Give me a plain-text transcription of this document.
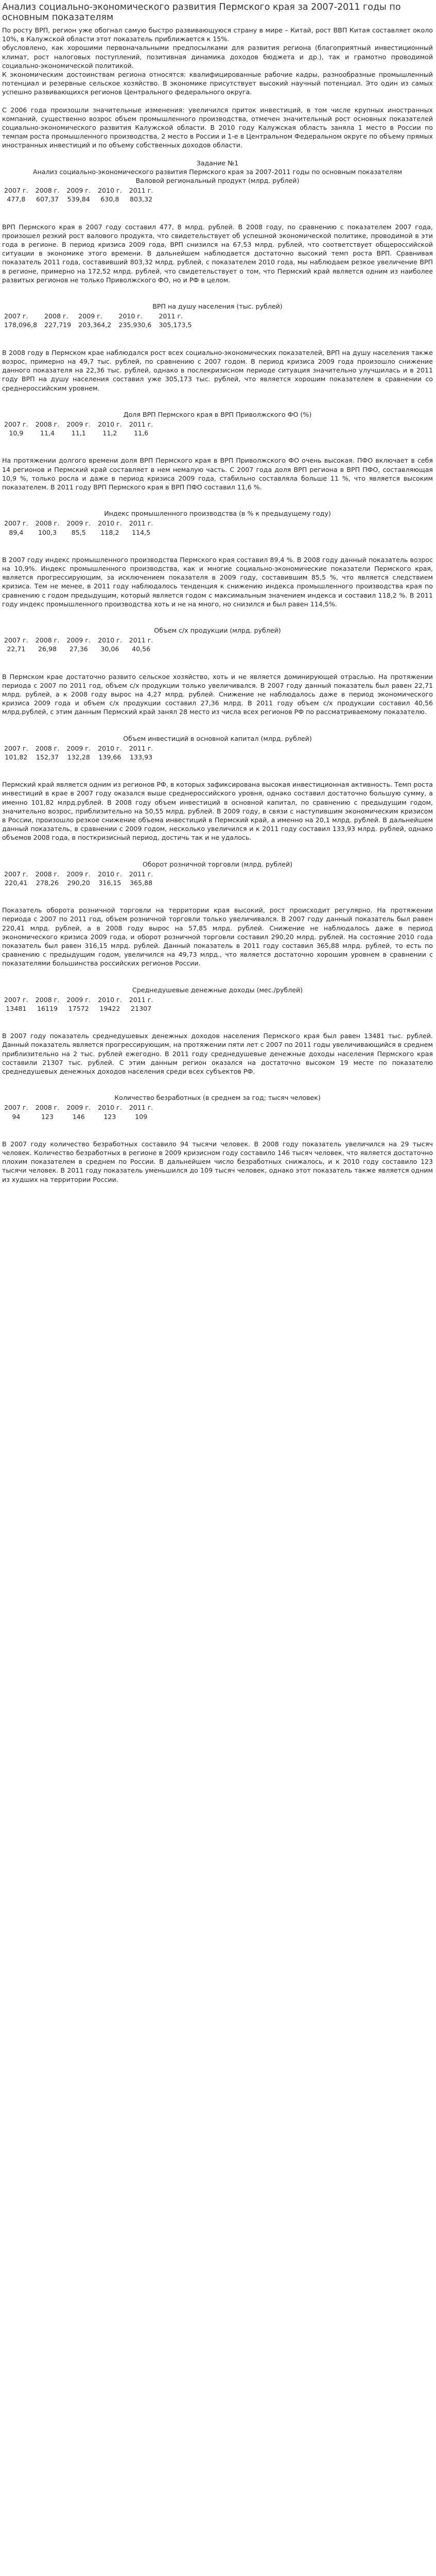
Анализ социально-экономического развития Пермского края за 2007-2011 годы по основным показателям

По росту ВРП, регион уже обогнал самую быстро развивающуюся страну в мире – Китай, рост ВВП Китая составляет около 10%, в Калужской области этот показатель приближается к 15%.

обусловлено, как хорошими первоначальными предпосылками для развития региона (благоприятный инвестиционный климат, рост налоговых поступлений, позитивная динамика доходов бюджета и др.), так и грамотно проводимой социально-экономической политикой.

К экономическим достоинствам региона относятся: квалифицированные рабочие кадры, разнообразные промышленный потенциал и резервные сельское хозяйство. В экономике присутствует высокий научный потенциал. Это один из самых успешно развивающихся регионов Центрального федерального округа.

С 2006 года произошли значительные изменения: увеличился приток инвестиций, в том числе крупных иностранных компаний, существенно возрос объем промышленного производства, отмечен значительный рост основных показателей социально-экономического развития Калужской области. В 2010 году Калужская область заняла 1 место в России по темпам роста промышленного производства, 2 место в России и 1-е в Центральном Федеральном округе по объему прямых иностранных инвестиций и по объему собственных доходов области.

Задание №1

Анализ социально-экономического развития Пермского края за 2007-2011 годы по основным показателям

Валовой региональный продукт (млрд. рублей)

2007 г.	2008 г.	2009 г.	2010 г.	2011 г.
477,8	607,37	539,84	630,8	803,32

ВРП Пермского края в 2007 году составил 477, 8 млрд. рублей. В 2008 году, по сравнению с показателем 2007 года, произошел резкий рост валового продукта, что свидетельствует об успешной экономической политике, проводимой в эти года в регионе. В период кризиса 2009 года, ВРП снизился на 67,53 млрд. рублей, что соответствует общероссийской ситуации в экономике этого времени. В дальнейшем наблюдается достаточно высокий темп роста ВРП. Сравнивая показатель 2011 года, составивший 803,32 млрд. рублей, с показателем 2010 года, мы наблюдаем резкое увеличение ВРП в регионе, примерно на 172,52 млрд. рублей, что свидетельствует о том, что Пермский край является одним из наиболее развитых регионов не только Приволжского ФО, но и РФ в целом.

ВРП на душу населения (тыс. рублей)

2007 г.	2008 г.	2009 г.	2010 г.	2011 г.
178,096,8	227,719	203,364,2	235,930,6	305,173,5

В 2008 году в Пермском крае наблюдался рост всех социально-экономических показателей, ВРП на душу населения также возрос, примерно на 49,7 тыс. рублей, по сравнению с 2007 годом. В период кризиса 2009 года произошло снижение данного показателя на 22,36 тыс. рублей, однако в послекризисном периоде ситуация значительно улучшилась и в 2011 году ВРП на душу населения составил уже 305,173 тыс. рублей, что является хорошим показателем в сравнении со среднероссийским уровнем.

Доля ВРП Пермского края в ВРП Приволжского ФО (%)

2007 г.	2008 г.	2009 г.	2010 г.	2011 г.
10,9	11,4	11,1	11,2	11,6

На протяжении долгого времени доля ВРП Пермского края в ВРП Приволжского ФО очень высокая. ПФО включает в себя 14 регионов и Пермский край составляет в нем немалую часть. С 2007 года доля ВРП региона в ВРП ПФО, составляющая 10,9 %, только росла и даже в период кризиса 2009 года, стабильно составляла больше 11 %, что является высоким показателем. В 2011 году ВРП Пермского края в ВРП ПФО составил 11,6 %.

Индекс промышленного производства (в % к предыдущему году)

2007 г.	2008 г.	2009 г.	2010 г.	2011 г.
89,4	100,3	85,5	118,2	114,5

В 2007 году индекс промышленного производства Пермского края составил 89,4 %. В 2008 году данный показатель возрос на 10,9%. Индекс промышленного производства, как и многие социально-экономические показатели Пермского края, является прогрессирующим, за исключением показателя в 2009 году, составившим 85,5 %, что является следствием кризиса. Тем не менее, в 2011 году наблюдалось тенденция к снижению индекса промышленного производства края по сравнению с годом предыдущим, который является годом с максимальным значением индекса и составил 118,2 %. В 2011 году индекс промышленного производства хоть и не на много, но снизился и был равен 114,5%.

Объем с/х продукции (млрд. рублей)

2007 г.	2008 г.	2009 г.	2010 г.	2011 г.
22,71	26,98	27,36	30,06	40,56

В Пермском крае достаточно развито сельское хозяйство, хоть и не является доминирующей отраслью. На протяжении периода с 2007 по 2011 год, объем с/х продукции только увеличивался. В 2007 году данный показатель был равен 22,71 млрд. рублей, а к 2008 году вырос на 4,27 млрд. рублей. Снижение не наблюдалось даже в период экономического кризиса 2009 года и объем с/х продукции составил 27,36 млрд. В 2011 году объем с/х продукции составил 40,56 млрд.рублей, с этим данным Пермский край занял 28 место из числа всех регионов РФ по рассматриваемому показателю.

Объем инвестиций в основной капитал (млрд. рублей)

2007 г.	2008 г.	2009 г.	2010 г.	2011 г.
101,82	152,37	132,28	139,66	133,93

Пермский край является одним из регионов РФ, в которых зафиксирована высокая инвестиционная активность. Темп роста инвестиций в крае в 2007 году оказался выше среднероссийского уровня, однако составил достаточно большую сумму, а именно 101,82 млрд.рублей. В 2008 году объем инвестиций в основной капитал, по сравнению с предыдущим годом, значительно возрос, приблизительно на 50,55 млрд. рублей. В 2009 году, в связи с наступившим экономическим кризисом в России, произошло резкое снижение объема инвестиций в Пермский край, а именно на 20,1 млрд. рублей. В дальнейшем данный показатель, в сравнении с 2009 годом, несколько увеличился и к 2011 году составил 133,93 млрд. рублей, однако объемов 2008 года, в посткризисный период, достичь так и не удалось.

Оборот розничной торговли (млрд. рублей)

2007 г.	2008 г.	2009 г.	2010 г.	2011 г.
220,41	278,26	290,20	316,15	365,88

Показатель оборота розничной торговли на территории края высокий, рост происходит регулярно. На протяжении периода с 2007 по 2011 год, объем розничной торговли только увеличивался. В 2007 году данный показатель был равен 220,41 млрд. рублей, а в 2008 году вырос на 57,85 млрд. рублей. Снижение не наблюдалось даже в период экономического кризиса 2009 года, и оборот розничной торговли составил 290,20 млрд. рублей. На состояние 2010 года показатель был равен 316,15 млрд. рублей. Данный показатель в 2011 году составил 365,88 млрд. рублей, то есть по сравнению с предыдущим годом, увеличился на 49,73 млрд., что является достаточно хорошим уровнем в сравнении с показателями большинства российских регионов России.

Среднедушевые денежные доходы (мес./рублей)

2007 г.	2008 г.	2009 г.	2010 г.	2011 г.
13481	16119	17572	19422	21307

В 2007 году показатель среднедушевых денежных доходов населения Пермского края был равен 13481 тыс. рублей. Данный показатель является прогрессирующим, на протяжении пяти лет с 2007 по 2011 годы увеличивающийся в среднем приблизительно на 2 тыс. рублей ежегодно. В 2011 году среднедушевые денежные доходы населения Пермского края составили 21307 тыс. рублей. С этим данным регион оказался на достаточно высоком 19 месте по показателю среднедушевых денежных доходов населения среди всех субъектов РФ.

Количество безработных (в среднем за год; тысяч человек)

2007 г.	2008 г.	2009 г.	2010 г.	2011 г.
94	123	146	123	109

В 2007 году количество безработных составило 94 тысячи человек. В 2008 году показатель увеличился на 29 тысяч человек. Количество безработных в регионе в 2009 кризисном году составило 146 тысяч человек, что является достаточно плохим показателем в среднем по России. В дальнейшем число безработных снижалось, и к 2010 году составило 123 тысячи человек. В 2011 году показатель уменьшился до 109 тысяч человек, однако этот показатель также является одним из худших на территории России.
